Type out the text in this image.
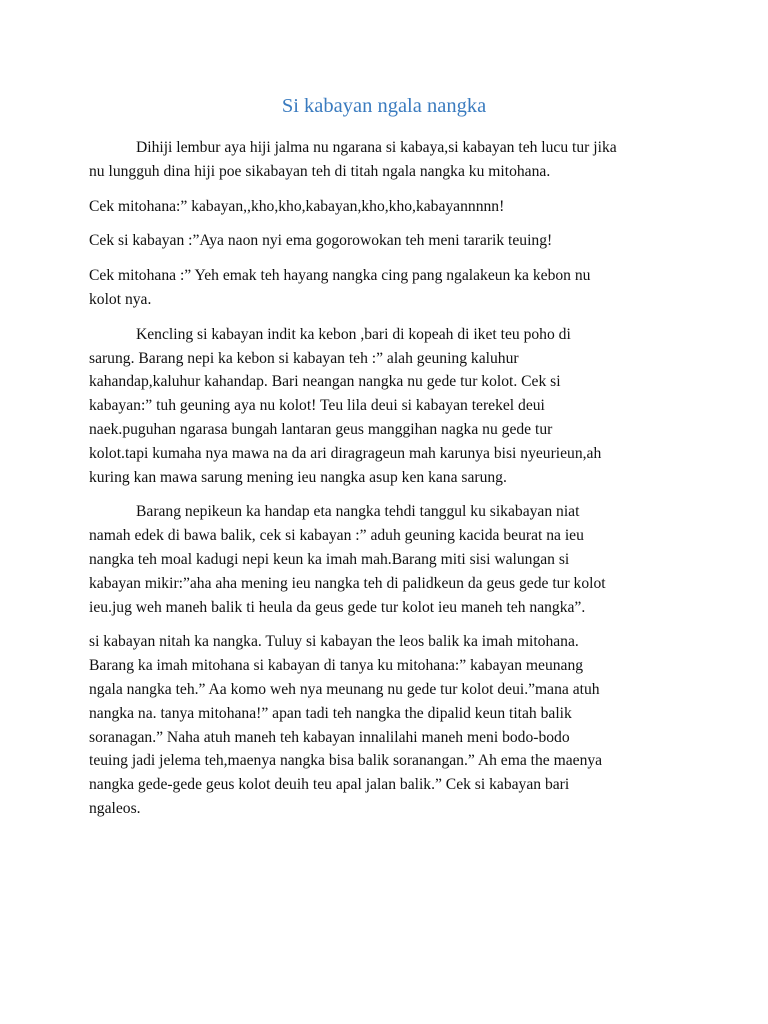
Si kabayan ngala nangka

Dihiji lembur aya hiji jalma nu ngarana si kabaya,si kabayan teh lucu tur jika
nu lungguh dina hiji poe sikabayan teh di titah ngala nangka ku mitohana.

Cek mitohana:” kabayan,,kho,kho,kabayan,kho,kho,kabayannnnn!

Cek si kabayan :”Aya naon nyi ema gogorowokan teh meni tararik teuing!

Cek mitohana :” Yeh emak teh hayang nangka cing pang ngalakeun ka kebon nu
kolot nya.

Kencling si kabayan indit ka kebon ,bari di kopeah di iket teu poho di
sarung. Barang nepi ka kebon si kabayan teh :” alah geuning kaluhur
kahandap,kaluhur kahandap. Bari neangan nangka nu gede tur kolot. Cek si
kabayan:” tuh geuning aya nu kolot! Teu lila deui si kabayan terekel deui
naek.puguhan ngarasa bungah lantaran geus manggihan nagka nu gede tur
kolot.tapi kumaha nya mawa na da ari diragrageun mah karunya bisi nyeurieun,ah
kuring kan mawa sarung mening ieu nangka asup ken kana sarung.

Barang nepikeun ka handap eta nangka tehdi tanggul ku sikabayan niat
namah edek di bawa balik, cek si kabayan :” aduh geuning kacida beurat na ieu
nangka teh moal kadugi nepi keun ka imah mah.Barang miti sisi walungan si
kabayan mikir:”aha aha mening ieu nangka teh di palidkeun da geus gede tur kolot
ieu.jug weh maneh balik ti heula da geus gede tur kolot ieu maneh teh nangka”.

si kabayan nitah ka nangka. Tuluy si kabayan the leos balik ka imah mitohana.
Barang ka imah mitohana si kabayan di tanya ku mitohana:” kabayan meunang
ngala nangka teh.” Aa komo weh nya meunang nu gede tur kolot deui.”mana atuh
nangka na. tanya mitohana!” apan tadi teh nangka the dipalid keun titah balik
soranagan.” Naha atuh maneh teh kabayan innalilahi maneh meni bodo-bodo
teuing jadi jelema teh,maenya nangka bisa balik soranangan.” Ah ema the maenya
nangka gede-gede geus kolot deuih teu apal jalan balik.” Cek si kabayan bari
ngaleos.
